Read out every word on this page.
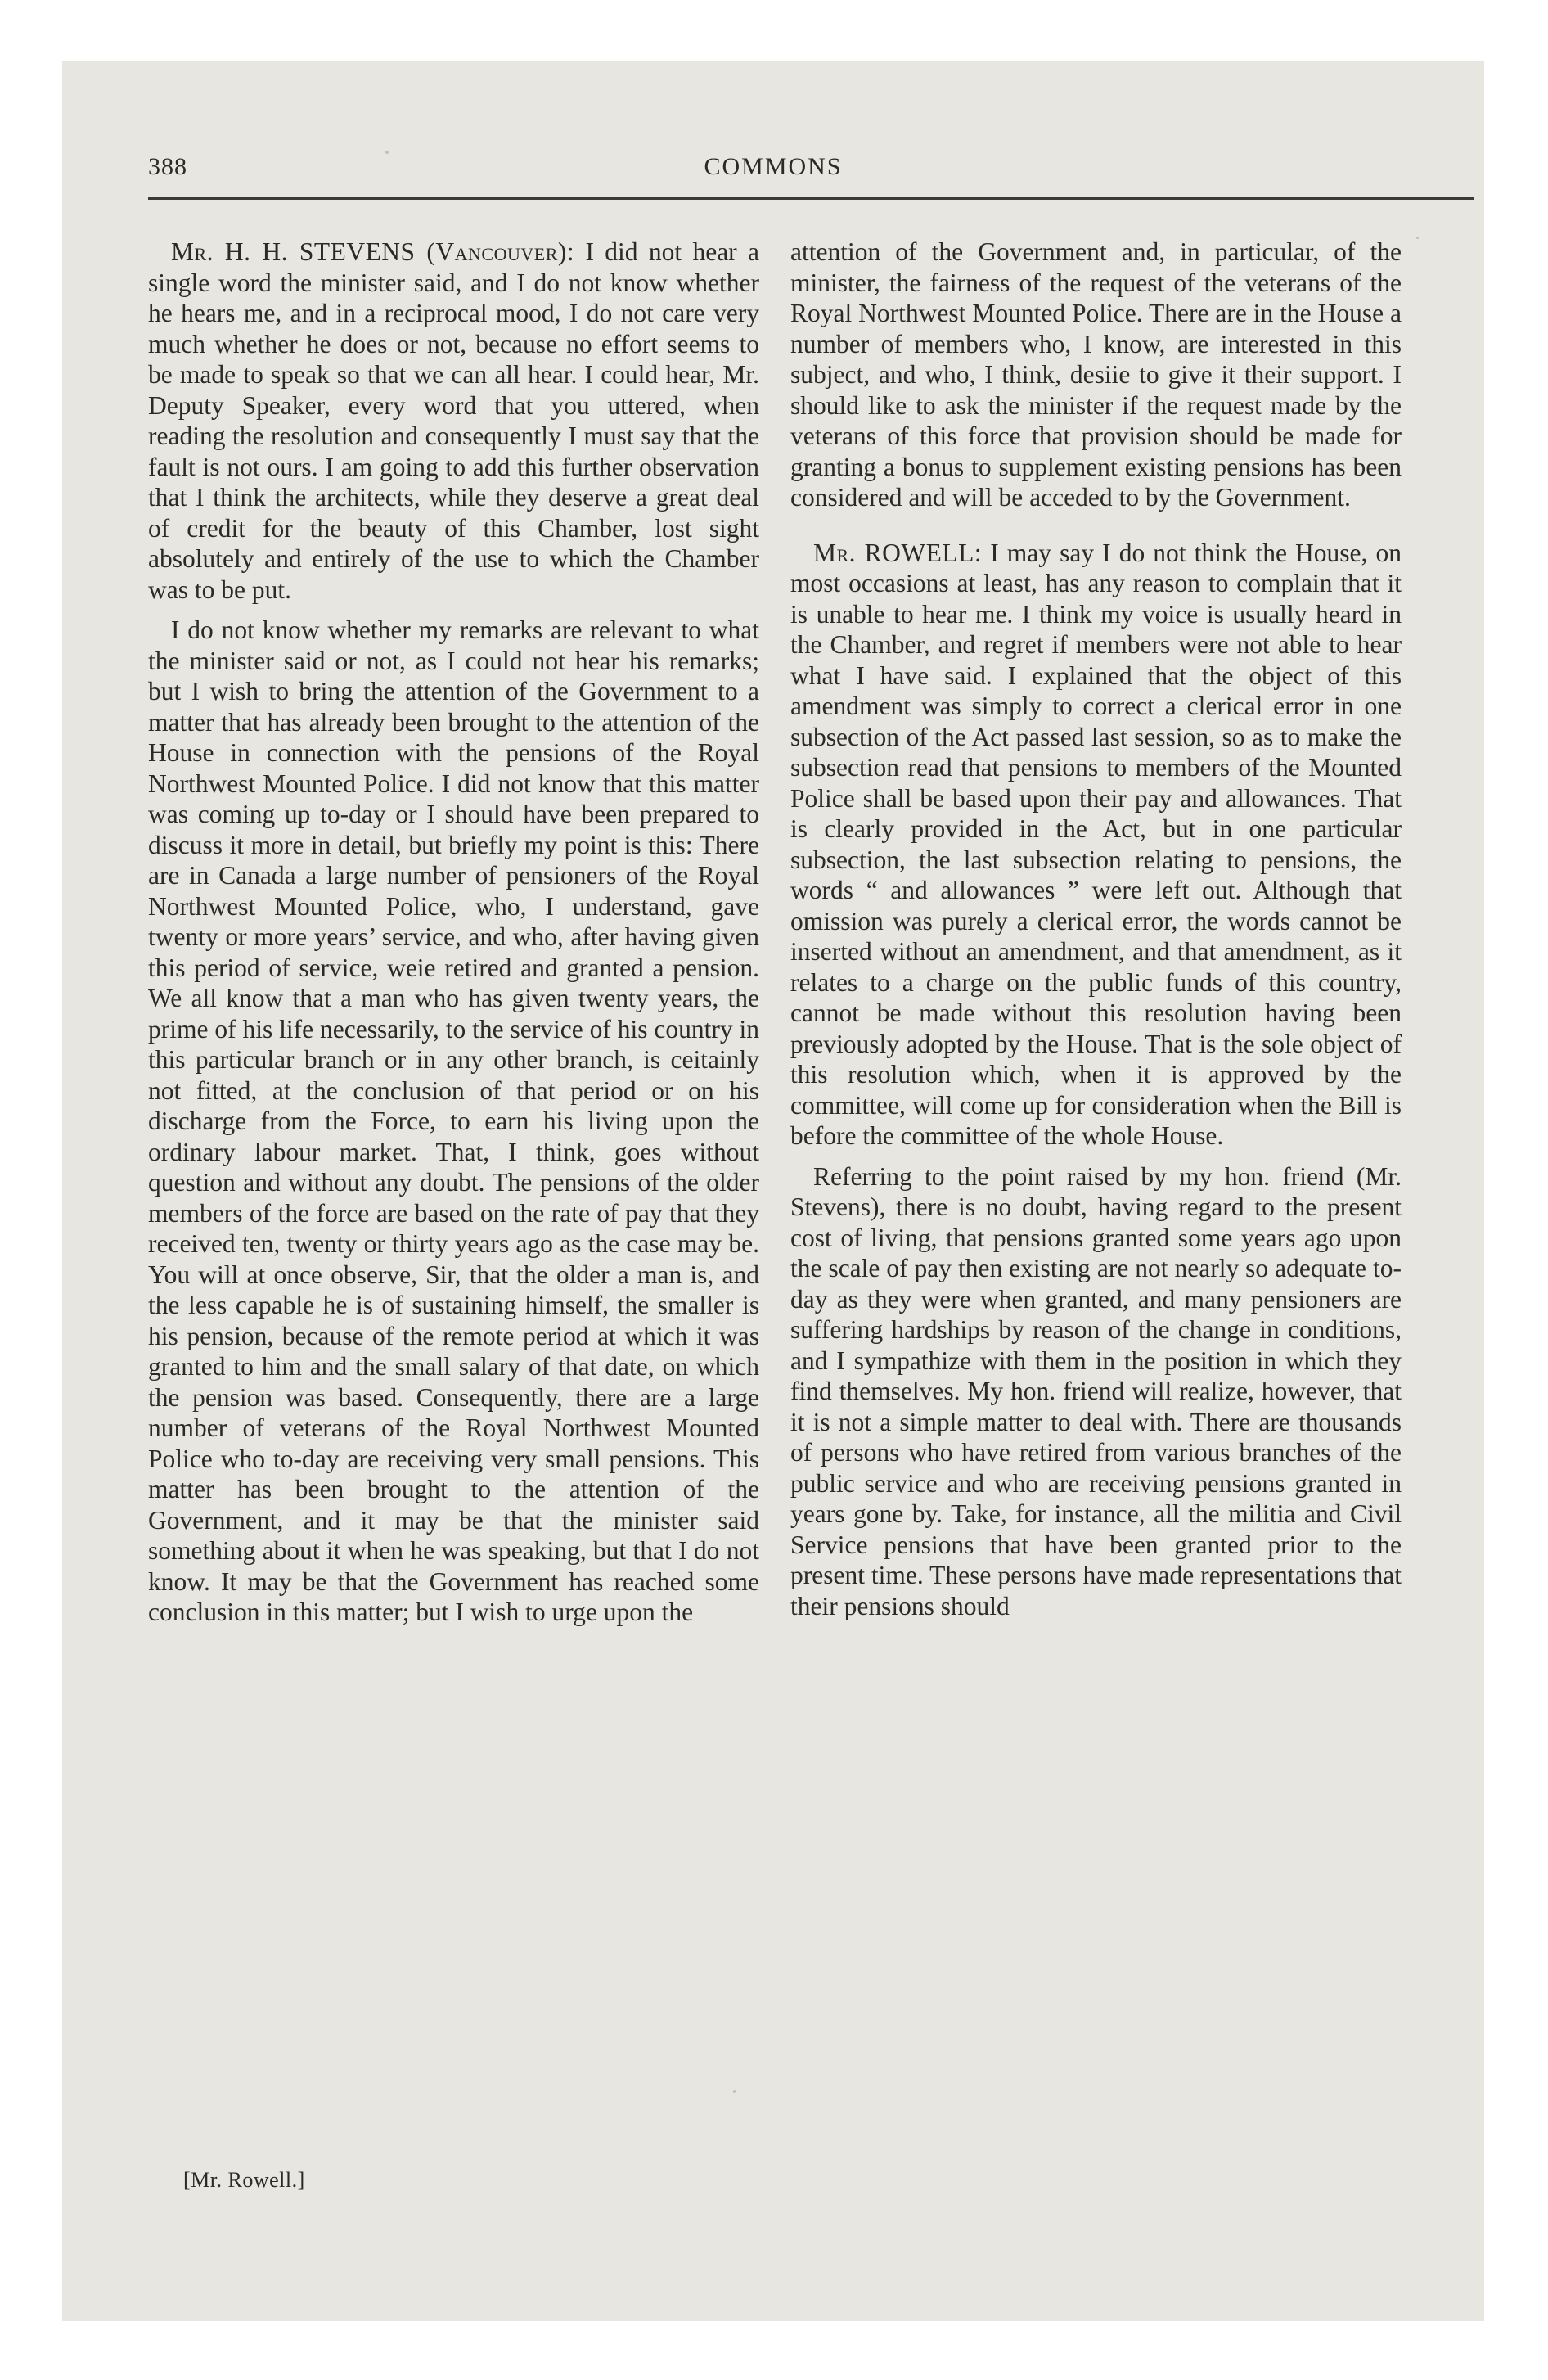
388	COMMONS

Mr. H. H. STEVENS (Vancouver): I did not hear a single word the minister said, and I do not know whether he hears me, and in a reciprocal mood, I do not care very much whether he does or not, because no effort seems to be made to speak so that we can all hear. I could hear, Mr. Deputy Speaker, every word that you uttered, when reading the resolution and consequently I must say that the fault is not ours. I am going to add this further observation that I think the architects, while they deserve a great deal of credit for the beauty of this Chamber, lost sight absolutely and entirely of the use to which the Chamber was to be put.

I do not know whether my remarks are relevant to what the minister said or not, as I could not hear his remarks; but I wish to bring the attention of the Government to a matter that has already been brought to the attention of the House in connection with the pensions of the Royal Northwest Mounted Police. I did not know that this matter was coming up to-day or I should have been prepared to discuss it more in detail, but briefly my point is this: There are in Canada a large number of pensioners of the Royal Northwest Mounted Police, who, I understand, gave twenty or more years’ service, and who, after having given this period of service, weie retired and granted a pension. We all know that a man who has given twenty years, the prime of his life necessarily, to the service of his country in this particular branch or in any other branch, is ceitainly not fitted, at the conclusion of that period or on his discharge from the Force, to earn his living upon the ordinary labour market. That, I think, goes without question and without any doubt. The pensions of the older members of the force are based on the rate of pay that they received ten, twenty or thirty years ago as the case may be. You will at once observe, Sir, that the older a man is, and the less capable he is of sustaining himself, the smaller is his pension, because of the remote period at which it was granted to him and the small salary of that date, on which the pension was based. Consequently, there are a large number of veterans of the Royal Northwest Mounted Police who to-day are receiving very small pensions. This matter has been brought to the attention of the Government, and it may be that the minister said something about it when he was speaking, but that I do not know. It may be that the Government has reached some conclusion in this matter; but I wish to urge upon the

attention of the Government and, in particular, of the minister, the fairness of the request of the veterans of the Royal Northwest Mounted Police. There are in the House a number of members who, I know, are interested in this subject, and who, I think, desiie to give it their support. I should like to ask the minister if the request made by the veterans of this force that provision should be made for granting a bonus to supplement existing pensions has been considered and will be acceded to by the Government.

Mr. ROWELL: I may say I do not think the House, on most occasions at least, has any reason to complain that it is unable to hear me. I think my voice is usually heard in the Chamber, and regret if members were not able to hear what I have said. I explained that the object of this amendment was simply to correct a clerical error in one subsection of the Act passed last session, so as to make the subsection read that pensions to members of the Mounted Police shall be based upon their pay and allowances. That is clearly provided in the Act, but in one particular subsection, the last subsection relating to pensions, the words “ and allowances ” were left out. Although that omission was purely a clerical error, the words cannot be inserted without an amendment, and that amendment, as it relates to a charge on the public funds of this country, cannot be made without this resolution having been previously adopted by the House. That is the sole object of this resolution which, when it is approved by the committee, will come up for consideration when the Bill is before the committee of the whole House.

Referring to the point raised by my hon. friend (Mr. Stevens), there is no doubt, having regard to the present cost of living, that pensions granted some years ago upon the scale of pay then existing are not nearly so adequate to-day as they were when granted, and many pensioners are suffering hardships by reason of the change in conditions, and I sympathize with them in the position in which they find themselves. My hon. friend will realize, however, that it is not a simple matter to deal with. There are thousands of persons who have retired from various branches of the public service and who are receiving pensions granted in years gone by. Take, for instance, all the militia and Civil Service pensions that have been granted prior to the present time. These persons have made representations that their pensions should

[Mr. Rowell.]
